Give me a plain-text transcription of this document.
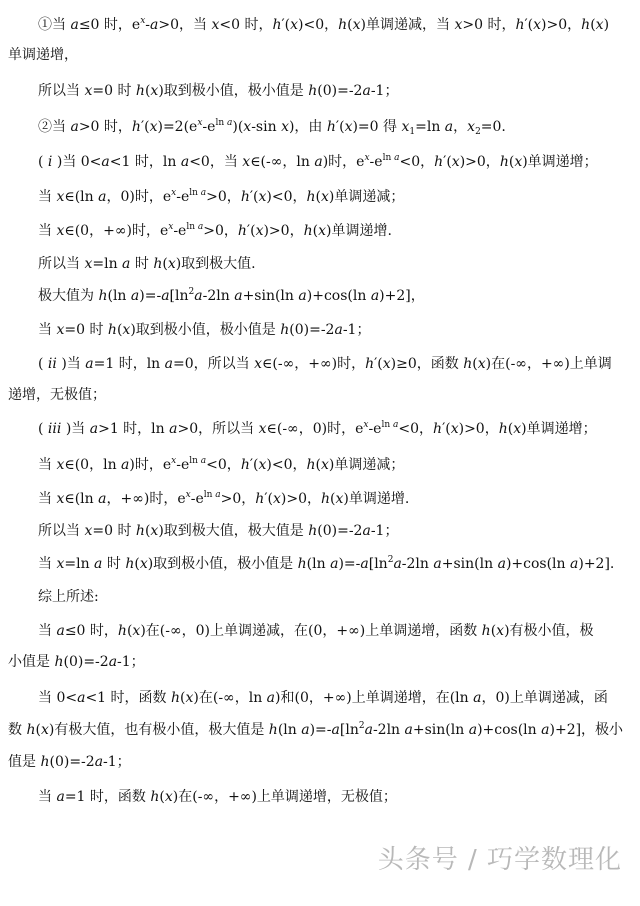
①当 a≤0 时，$e^x-a>0$，当 x<0 时，h′(x)<0，h(x)单调递减，当 x>0 时，h′(x)>0，h(x)
单调递增，
所以当 x=0 时 h(x)取到极小值，极小值是 h(0)=-2a-1；
②当 a>0 时，$h'(x)=2(e^x-e^{ln a})(x-\sin$ x)，由 h′(x)=0 得 $x_1=\ln$ a，$x_2=0$.
( i )当 0<a<1 时，ln a<0，当 x∈(-∞，ln a)时，$e^x-e^{ln a}<0$，h′(x)>0，h(x)单调递增；
当 x∈(ln a，0)时，$e^x-e^{ln a}>0$，h′(x)<0，h(x)单调递减；
当 x∈(0，+∞)时，$e^x-e^{ln a}>0$，h′(x)>0，h(x)单调递增.
所以当 x=ln a 时 h(x)取到极大值.
极大值为 h(ln $a)=-a[\ln^2a-2\ln$ a+sin(ln a)+cos(ln a)+2]，
当 x=0 时 h(x)取到极小值，极小值是 h(0)=-2a-1；
( ii )当 a=1 时，ln a=0，所以当 x∈(-∞，+∞)时，h′(x)≥0，函数 h(x)在(-∞，+∞)上单调
递增，无极值；
( iii )当 a>1 时，ln a>0，所以当 x∈(-∞，0)时，$e^x-e^{ln a}<0$，h′(x)>0，h(x)单调递增；
当 x∈(0，ln a)时，$e^x-e^{ln a}<0$，h′(x)<0，h(x)单调递减；
当 x∈(ln a，+∞)时，$e^x-e^{ln a}>0$，h′(x)>0，h(x)单调递增.
所以当 x=0 时 h(x)取到极大值，极大值是 h(0)=-2a-1；
当 x=ln a 时 h(x)取到极小值，极小值是 h(ln $a)=-a[\ln^2a-2\ln$ a+sin(ln a)+cos(ln a)+2].
综上所述:
当 a≤0 时，h(x)在(-∞，0)上单调递减，在(0，+∞)上单调递增，函数 h(x)有极小值，极
小值是 h(0)=-2a-1；
当 0<a<1 时，函数 h(x)在(-∞，ln a)和(0，+∞)上单调递增，在(ln a，0)上单调递减，函
数 h(x)有极大值，也有极小值，极大值是 h(ln $a)=-a[\ln^2a-2\ln$ a+sin(ln a)+cos(ln a)+2]，极小
值是 h(0)=-2a-1；
当 a=1 时，函数 h(x)在(-∞，+∞)上单调递增，无极值；
头条号 / 巧学数理化
